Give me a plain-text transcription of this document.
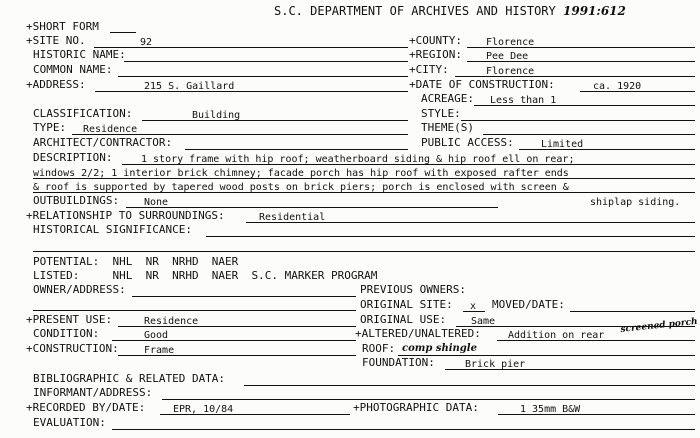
S.C. DEPARTMENT OF ARCHIVES AND HISTORY 1991:612
+SHORT FORM
+SITE NO.	92	+COUNTY: Florence
HISTORIC NAME:	+REGION: Pee Dee
COMMON NAME:	+CITY:	Florence
+ADDRESS:	215 S. Gaillard	+DATE OF CONSTRUCTION:	ca. 1920
ACREAGE: Less than 1
CLASSIFICATION:	Building	STYLE:
TYPE: Residence	THEME(S)
ARCHITECT/CONTRACTOR:	PUBLIC ACCESS:	Limited
DESCRIPTION:	1 story frame with hip roof; weatherboard siding & hip roof ell on rear;
windows 2/2; 1 interior brick chimney; facade porch has hip roof with exposed rafter ends
& roof is supported by tapered wood posts on brick piers; porch is enclosed with screen &
OUTBUILDINGS: None	shiplap siding.
+RELATIONSHIP TO SURROUNDINGS:	Residential
HISTORICAL SIGNIFICANCE:
POTENTIAL:  NHL  NR  NRHD  NAER
LISTED:     NHL  NR  NRHD  NAER  S.C. MARKER PROGRAM
OWNER/ADDRESS:	PREVIOUS OWNERS:
ORIGINAL SITE: x MOVED/DATE:
+PRESENT USE:	Residence	ORIGINAL USE: Same
CONDITION:	Good	+ALTERED/UNALTERED:	Addition on rear
screened porch
+CONSTRUCTION:	Frame	ROOF: comp shingle
FOUNDATION:	Brick pier
BIBLIOGRAPHIC & RELATED DATA:
INFORMANT/ADDRESS:
+RECORDED BY/DATE:	EPR, 10/84	+PHOTOGRAPHIC DATA:	1 35mm B&W
EVALUATION:
